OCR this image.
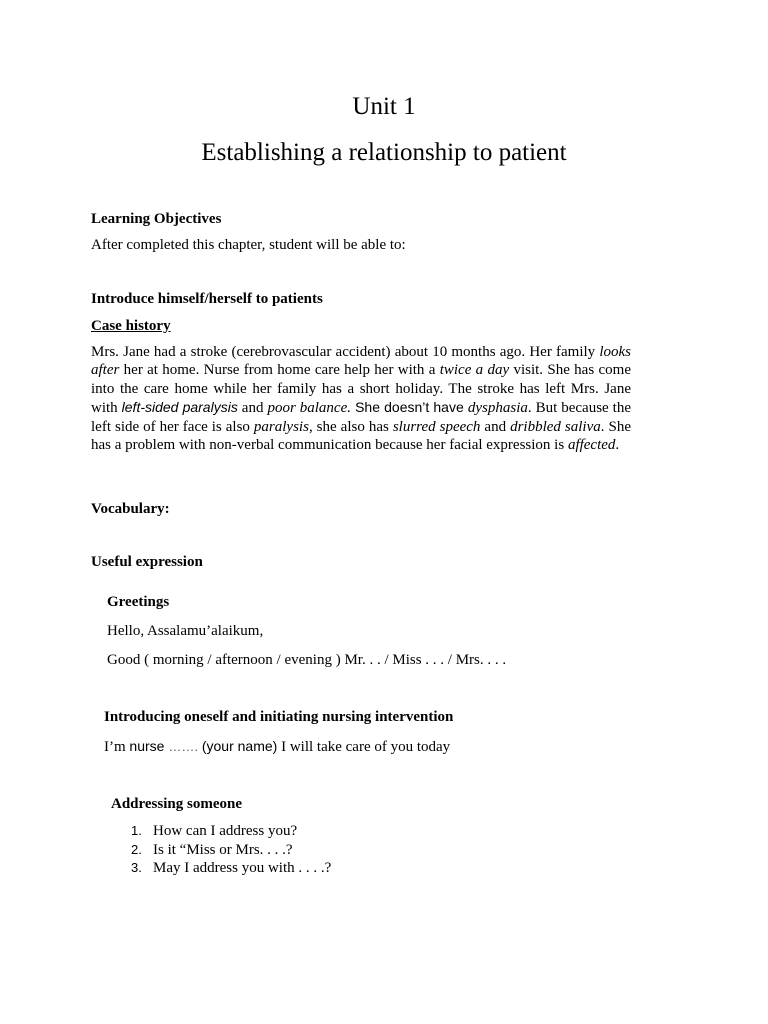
Unit 1
Establishing a relationship to patient
Learning Objectives
After completed this chapter, student will be able to:
Introduce himself/herself to patients
Case history
Mrs. Jane had a stroke (cerebrovascular accident) about 10 months ago. Her family looks after her at home. Nurse from home care help her with a twice a day visit. She has come into the care home while her family has a short holiday. The stroke has left Mrs. Jane with left-sided paralysis and poor balance. She doesn’t have dysphasia. But because the left side of her face is also paralysis, she also has slurred speech and dribbled saliva. She has a problem with non-verbal communication because her facial expression is affected.
Vocabulary:
Useful expression
Greetings
Hello, Assalamu’alaikum,
Good ( morning / afternoon / evening ) Mr. . . / Miss . . . / Mrs. . . .
Introducing oneself and initiating nursing intervention
I’m nurse ……. (your name) I will take care of you today
Addressing someone
1. How can I address you?
2. Is it “Miss or Mrs. . . .?
3. May I address you with . . . .?
